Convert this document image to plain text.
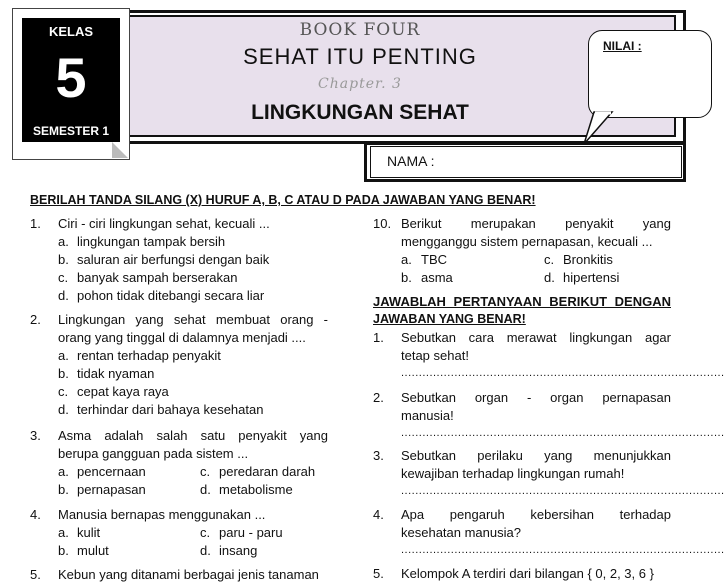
KELAS
5
SEMESTER 1
BOOK FOUR
SEHAT ITU PENTING
Chapter. 3
LINGKUNGAN SEHAT
NILAI :
NAMA :
BERILAH TANDA SILANG (X) HURUF A, B, C ATAU D PADA JAWABAN YANG BENAR!
1. Ciri - ciri lingkungan sehat, kecuali ...
a. lingkungan tampak bersih
b. saluran air berfungsi dengan baik
c. banyak sampah berserakan
d. pohon tidak ditebangi secara liar
2. Lingkungan yang sehat membuat orang -
orang yang tinggal di dalamnya menjadi ....
a. rentan terhadap penyakit
b. tidak nyaman
c. cepat kaya raya
d. terhindar dari bahaya kesehatan
3. Asma adalah salah satu penyakit yang
berupa gangguan pada sistem ...
a. pencernaan	c. peredaran darah
b. pernapasan	d. metabolisme
4. Manusia bernapas menggunakan ...
a. kulit	c. paru - paru
b. mulut	d. insang
5. Kebun yang ditanami berbagai jenis tanaman
10. Berikut merupakan penyakit yang
mengganggu sistem pernapasan, kecuali ...
a. TBC	c. Bronkitis
b. asma	d. hipertensi
JAWABLAH PERTANYAAN BERIKUT DENGAN
JAWABAN YANG BENAR!
1. Sebutkan cara merawat lingkungan agar
tetap sehat!
...........................................................................................
2. Sebutkan organ - organ pernapasan
manusia!
...........................................................................................
3. Sebutkan perilaku yang menunjukkan
kewajiban terhadap lingkungan rumah!
...........................................................................................
4. Apa pengaruh kebersihan terhadap
kesehatan manusia?
...........................................................................................
5. Kelompok A terdiri dari bilangan { 0, 2, 3, 6 }
